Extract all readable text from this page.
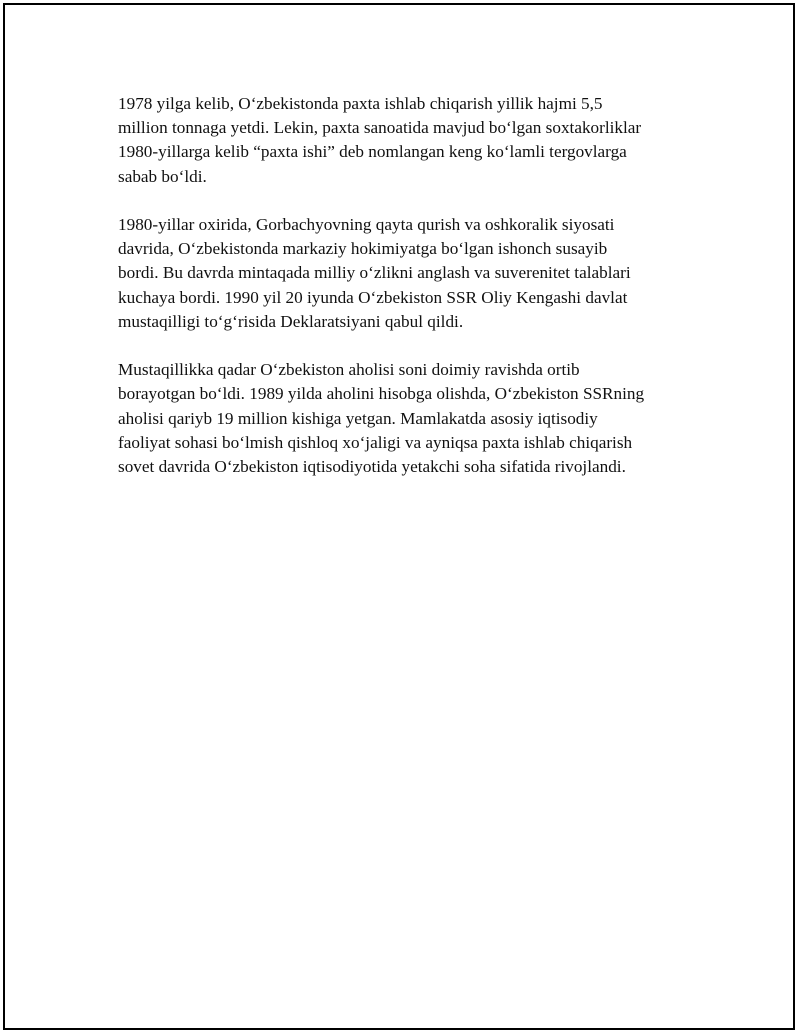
1978 yilga kelib, O‘zbekistonda paxta ishlab chiqarish yillik hajmi 5,5
million tonnaga yetdi. Lekin, paxta sanoatida mavjud bo‘lgan soxtakorliklar
1980-yillarga kelib “paxta ishi” deb nomlangan keng ko‘lamli tergovlarga
sabab bo‘ldi.

1980-yillar oxirida, Gorbachyovning qayta qurish va oshkoralik siyosati
davrida, O‘zbekistonda markaziy hokimiyatga bo‘lgan ishonch susayib
bordi. Bu davrda mintaqada milliy o‘zlikni anglash va suverenitet talablari
kuchaya bordi. 1990 yil 20 iyunda O‘zbekiston SSR Oliy Kengashi davlat
mustaqilligi to‘g‘risida Deklaratsiyani qabul qildi.

Mustaqillikka qadar O‘zbekiston aholisi soni doimiy ravishda ortib
borayotgan bo‘ldi. 1989 yilda aholini hisobga olishda, O‘zbekiston SSRning
aholisi qariyb 19 million kishiga yetgan. Mamlakatda asosiy iqtisodiy
faoliyat sohasi bo‘lmish qishloq xo‘jaligi va ayniqsa paxta ishlab chiqarish
sovet davrida O‘zbekiston iqtisodiyotida yetakchi soha sifatida rivojlandi.
